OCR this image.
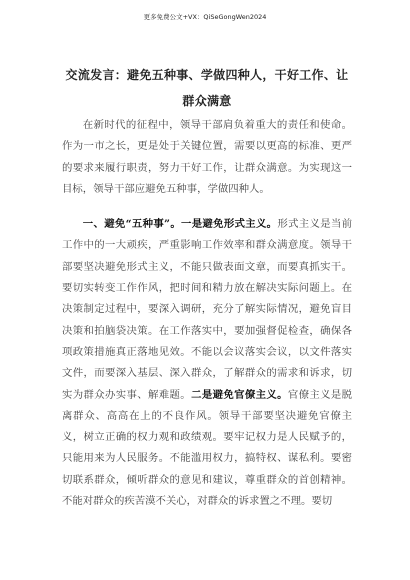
更多免费公文+VX：QiSeGongWen2024
交流发言：避免五种事、学做四种人，干好工作、让群众满意

在新时代的征程中，领导干部肩负着重大的责任和使命。作为一市之长，更是处于关键位置，需要以更高的标准、更严的要求来履行职责，努力干好工作，让群众满意。为实现这一目标，领导干部应避免五种事，学做四种人。

一、避免“五种事”。一是避免形式主义。形式主义是当前工作中的一大顽疾，严重影响工作效率和群众满意度。领导干部要坚决避免形式主义，不能只做表面文章，而要真抓实干。要切实转变工作作风，把时间和精力放在解决实际问题上。在决策制定过程中，要深入调研，充分了解实际情况，避免盲目决策和拍脑袋决策。在工作落实中，要加强督促检查，确保各项政策措施真正落地见效。不能以会议落实会议，以文件落实文件，而要深入基层、深入群众，了解群众的需求和诉求，切实为群众办实事、解难题。二是避免官僚主义。官僚主义是脱离群众、高高在上的不良作风。领导干部要坚决避免官僚主义，树立正确的权力观和政绩观。要牢记权力是人民赋予的，只能用来为人民服务。不能滥用权力，搞特权、谋私利。要密切联系群众，倾听群众的意见和建议，尊重群众的首创精神。不能对群众的疾苦漠不关心，对群众的诉求置之不理。要切
